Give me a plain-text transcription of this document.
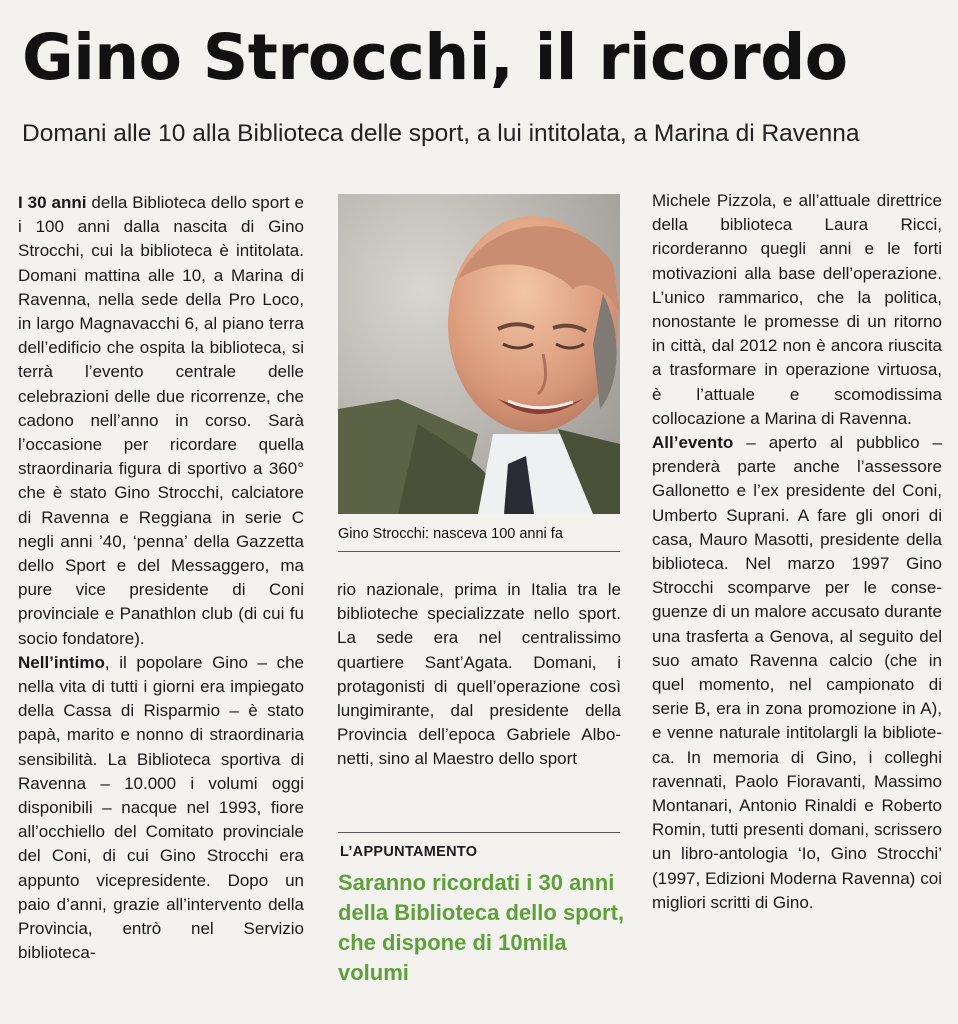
Gino Strocchi, il ricordo
Domani alle 10 alla Biblioteca delle sport, a lui intitolata, a Marina di Ravenna

I 30 anni della Biblioteca dello sport e i 100 anni dalla nascita di Gino Strocchi, cui la biblioteca è intitolata. Domani mattina alle 10, a Marina di Ravenna, nella sede della Pro Loco, in largo Magnavacchi 6, al piano terra dell’edificio che ospita la biblioteca, si terrà l’evento centrale delle celebrazioni delle due ricorrenze, che cadono nell’anno in corso. Sarà l’occasione per ricordare quella straordinaria figura di sportivo a 360° che è stato Gino Strocchi, calciatore di Ravenna e Reggiana in serie C negli anni ’40, ‘penna’ della Gazzetta dello Sport e del Messaggero, ma pure vice presidente di Coni provinciale e Panathlon club (di cui fu socio fondatore).

Nell’intimo, il popolare Gino – che nella vita di tutti i giorni era impiegato della Cassa di Risparmio – è stato papà, marito e nonno di straordinaria sensibilità. La Biblioteca sportiva di Ravenna – 10.000 i volumi oggi disponibili – nacque nel 1993, fiore all’occhiello del Comitato provinciale del Coni, di cui Gino Strocchi era appunto vicepresidente. Dopo un paio d’anni, grazie all’intervento della Provincia, entrò nel Servizio biblioteca-

Gino Strocchi: nasceva 100 anni fa

rio nazionale, prima in Italia tra le biblioteche specializzate nello sport. La sede era nel centralissimo quartiere Sant’Agata. Domani, i protagonisti di quell’operazione così lungimirante, dal presidente della Provincia dell’epoca Gabriele Albonetti, sino al Maestro dello sport

L’APPUNTAMENTO
Saranno ricordati i 30 anni della Biblioteca dello sport, che dispone di 10mila volumi

Michele Pizzola, e all’attuale direttrice della biblioteca Laura Ricci, ricorderanno quegli anni e le forti motivazioni alla base dell’operazione. L’unico rammarico, che la politica, nonostante le promesse di un ritorno in città, dal 2012 non è ancora riuscita a trasformare in operazione virtuosa, è l’attuale e scomodissima collocazione a Marina di Ravenna.

All’evento – aperto al pubblico – prenderà parte anche l’assessore Gallonetto e l’ex presidente del Coni, Umberto Suprani. A fare gli onori di casa, Mauro Masotti, presidente della biblioteca. Nel marzo 1997 Gino Strocchi scomparve per le conseguenze di un malore accusato durante una trasferta a Genova, al seguito del suo amato Ravenna calcio (che in quel momento, nel campionato di serie B, era in zona promozione in A), e venne naturale intitolargli la biblioteca. In memoria di Gino, i colleghi ravennati, Paolo Fioravanti, Massimo Montanari, Antonio Rinaldi e Roberto Romin, tutti presenti domani, scrissero un libro-antologia ‘Io, Gino Strocchi’ (1997, Edizioni Moderna Ravenna) coi migliori scritti di Gino.
